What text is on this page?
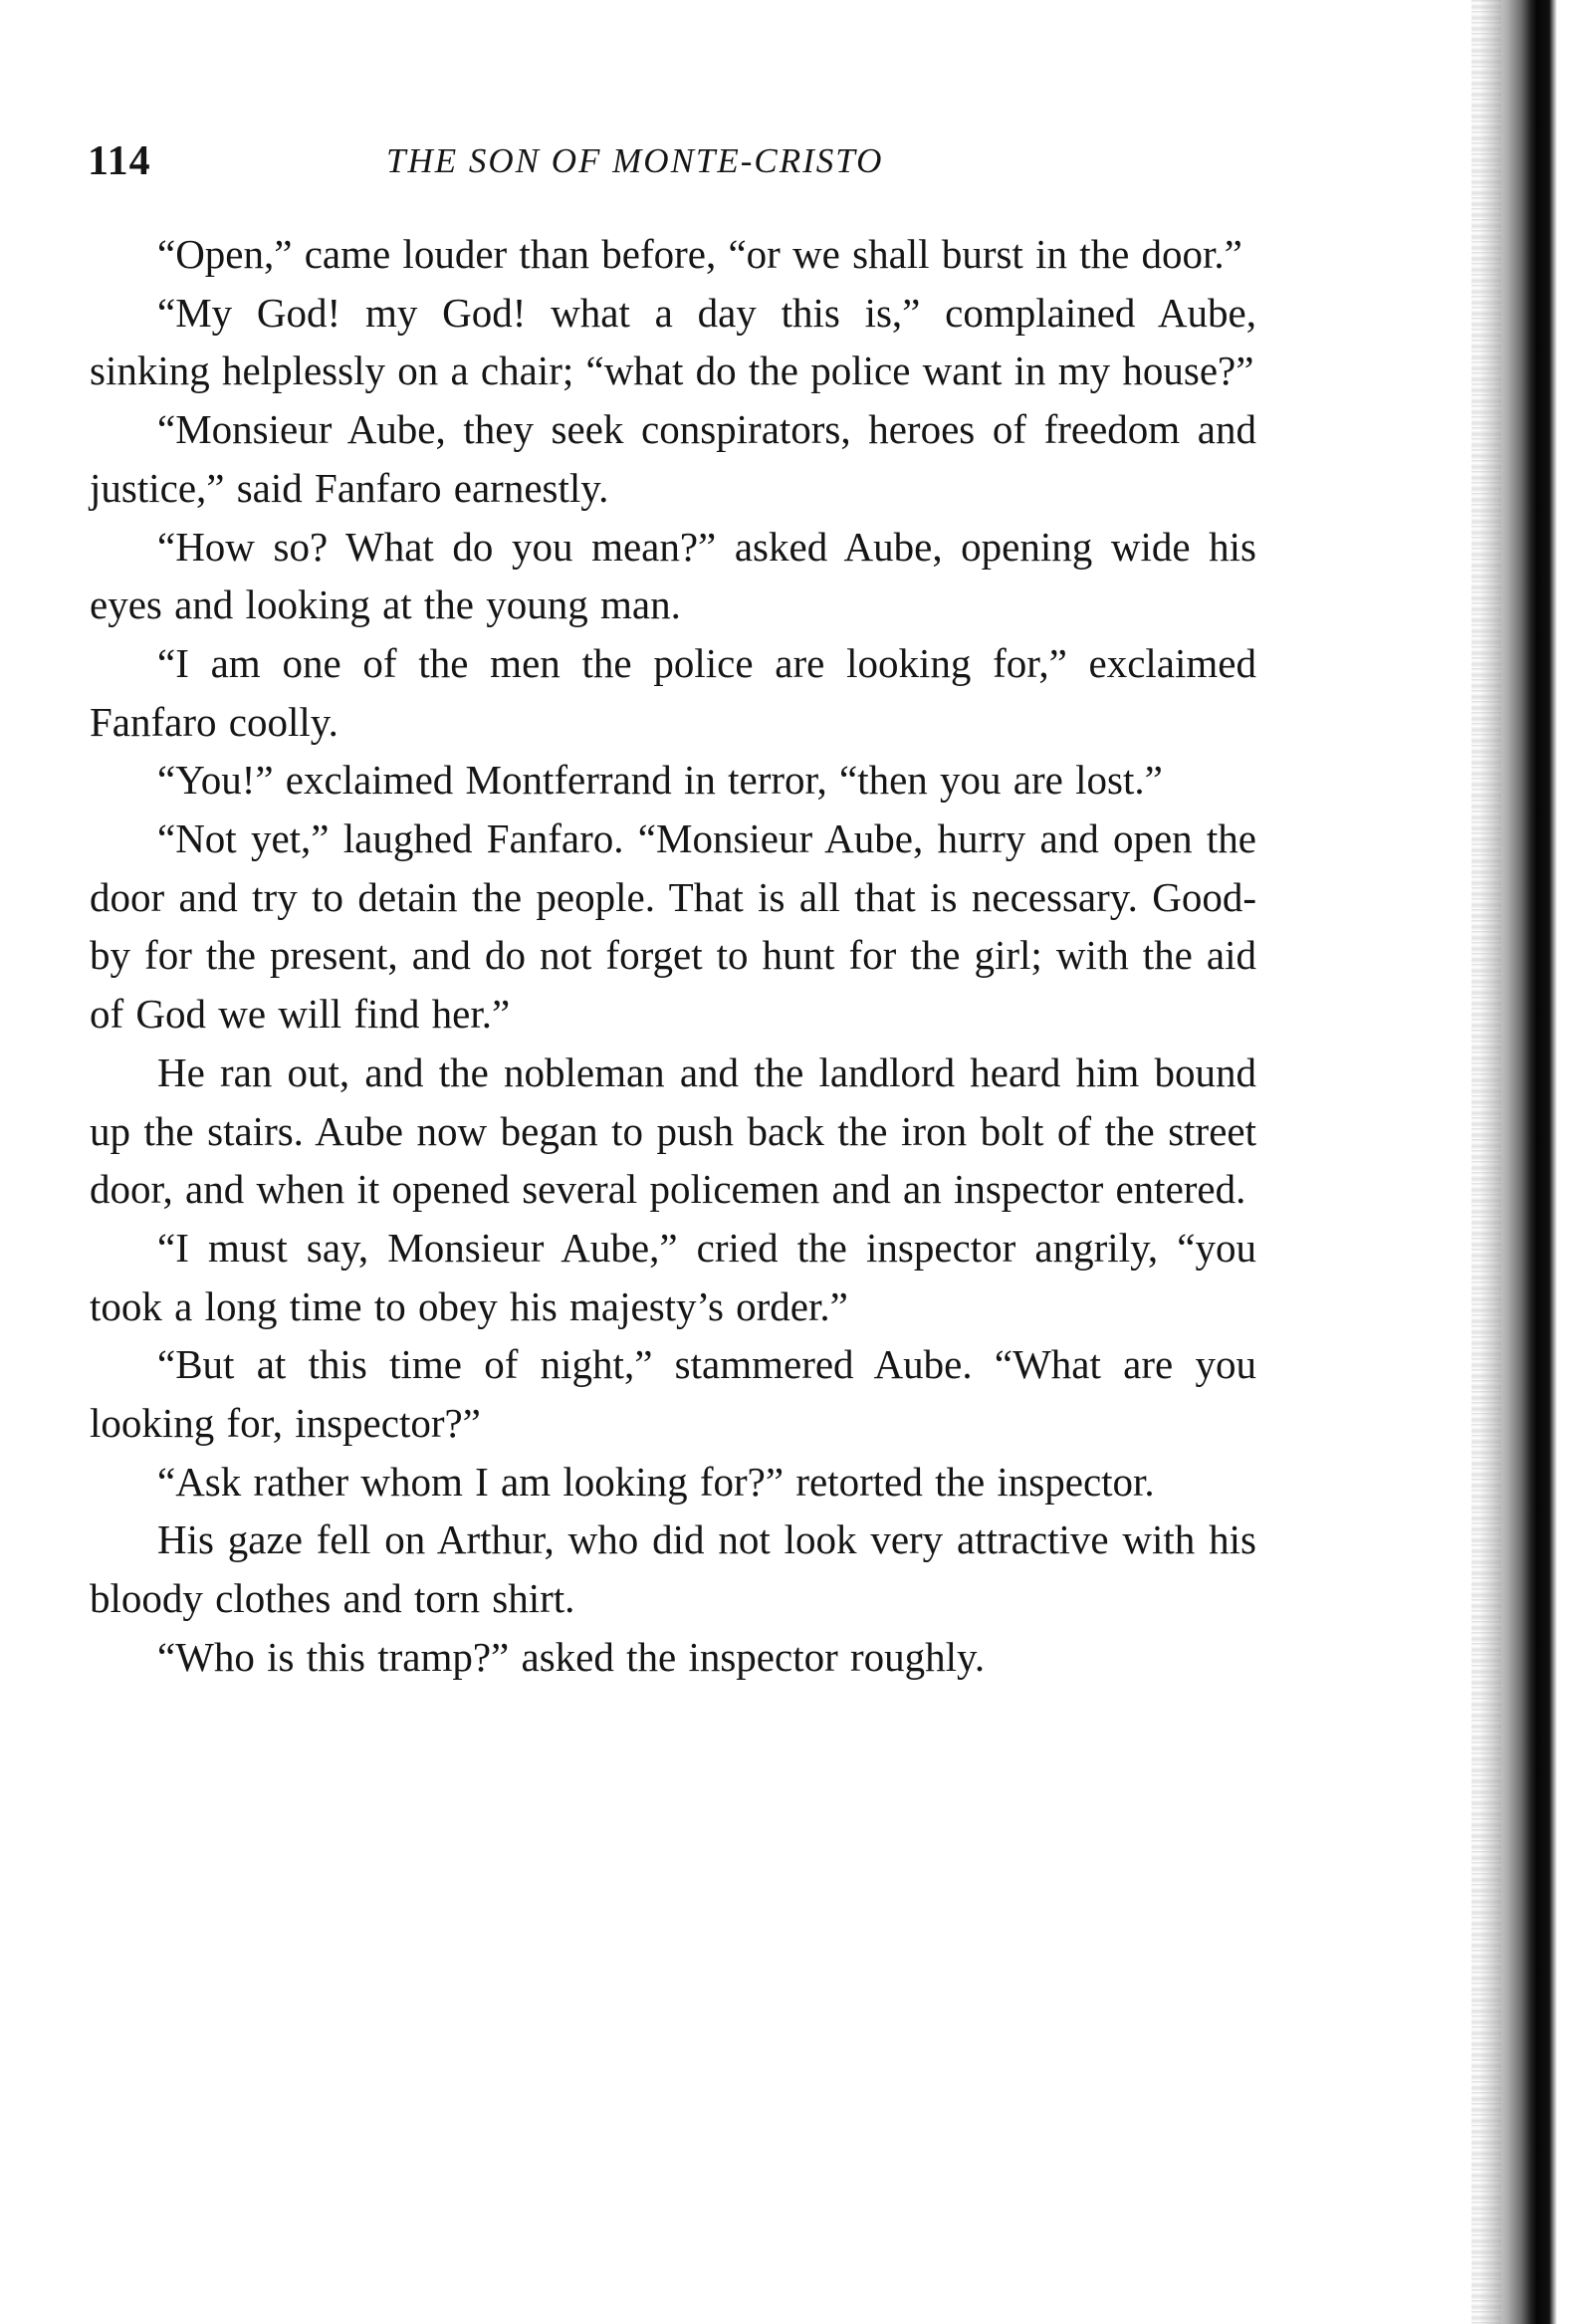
114	THE SON OF MONTE-CRISTO

“Open,” came louder than before, “or we shall burst in the door.”

“My God! my God! what a day this is,” complained Aube, sinking helplessly on a chair; “what do the police want in my house?”

“Monsieur Aube, they seek conspirators, heroes of freedom and justice,” said Fanfaro earnestly.

“How so? What do you mean?” asked Aube, opening wide his eyes and looking at the young man.

“I am one of the men the police are looking for,” exclaimed Fanfaro coolly.

“You!” exclaimed Montferrand in terror, “then you are lost.”

“Not yet,” laughed Fanfaro. “Monsieur Aube, hurry and open the door and try to detain the people. That is all that is necessary. Good-by for the present, and do not forget to hunt for the girl; with the aid of God we will find her.”

He ran out, and the nobleman and the landlord heard him bound up the stairs. Aube now began to push back the iron bolt of the street door, and when it opened several policemen and an inspector entered.

“I must say, Monsieur Aube,” cried the inspector angrily, “you took a long time to obey his majesty’s order.”

“But at this time of night,” stammered Aube. “What are you looking for, inspector?”

“Ask rather whom I am looking for?” retorted the inspector.

His gaze fell on Arthur, who did not look very attractive with his bloody clothes and torn shirt.

“Who is this tramp?” asked the inspector roughly.
